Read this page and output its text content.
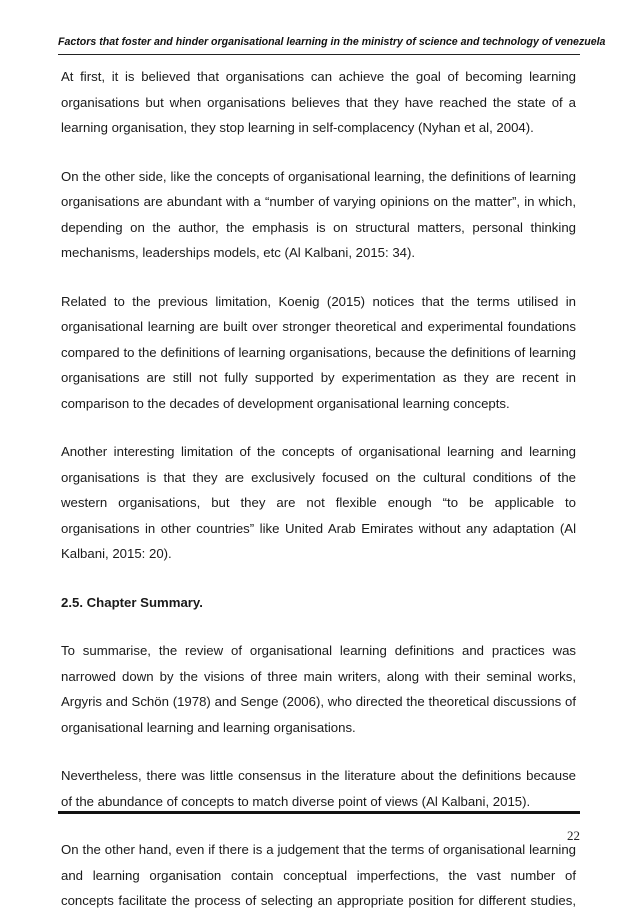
Factors that foster and hinder organisational learning in the ministry of science and technology of venezuela

At first, it is believed that organisations can achieve the goal of becoming learning organisations but when organisations believes that they have reached the state of a learning organisation, they stop learning in self-complacency (Nyhan et al, 2004).

On the other side, like the concepts of organisational learning, the definitions of learning organisations are abundant with a “number of varying opinions on the matter”, in which, depending on the author, the emphasis is on structural matters, personal thinking mechanisms, leaderships models, etc (Al Kalbani, 2015: 34).

Related to the previous limitation, Koenig (2015) notices that the terms utilised in organisational learning are built over stronger theoretical and experimental foundations compared to the definitions of learning organisations, because the definitions of learning organisations are still not fully supported by experimentation as they are recent in comparison to the decades of development organisational learning concepts.

Another interesting limitation of the concepts of organisational learning and learning organisations is that they are exclusively focused on the cultural conditions of the western organisations, but they are not flexible enough “to be applicable to organisations in other countries” like United Arab Emirates without any adaptation (Al Kalbani, 2015: 20).

2.5. Chapter Summary.

To summarise, the review of organisational learning definitions and practices was narrowed down by the visions of three main writers, along with their seminal works, Argyris and Schön (1978) and Senge (2006), who directed the theoretical discussions of organisational learning and learning organisations.

Nevertheless, there was little consensus in the literature about the definitions because of the abundance of concepts to match diverse point of views (Al Kalbani, 2015).

On the other hand, even if there is a judgement that the terms of organisational learning and learning organisation contain conceptual imperfections, the vast number of concepts facilitate the process of selecting an appropriate position for different studies,

22
